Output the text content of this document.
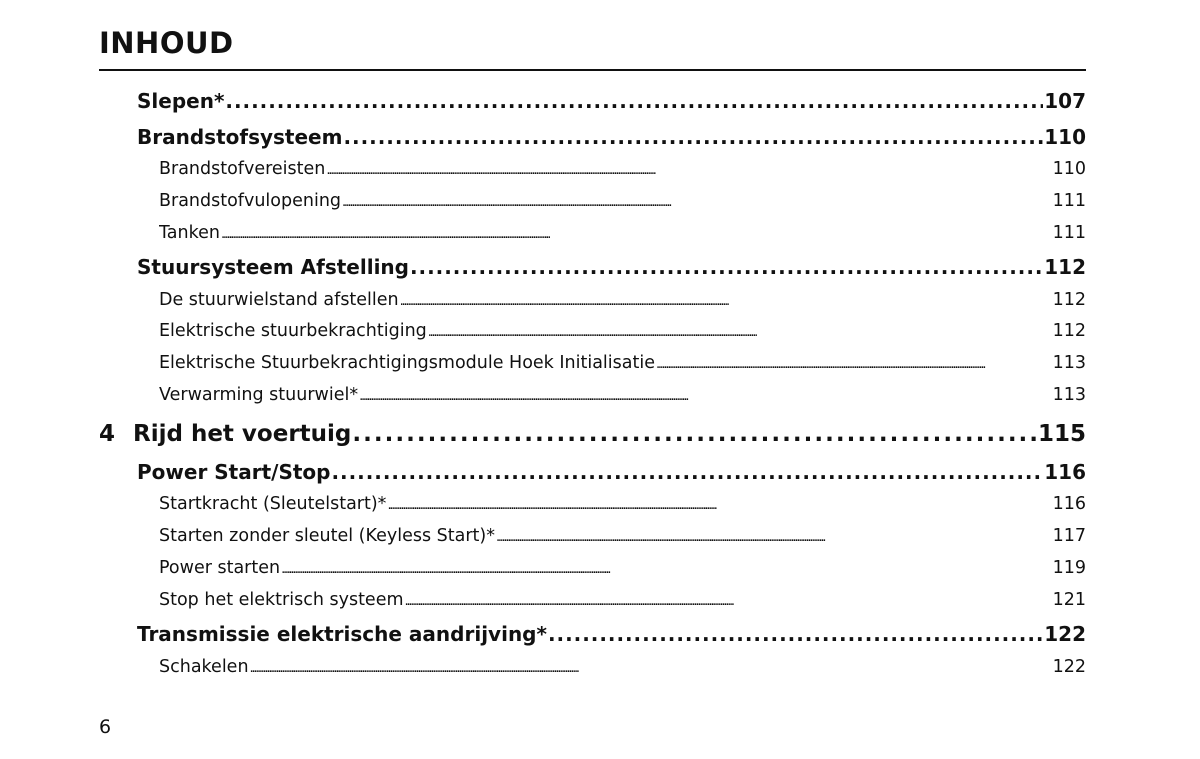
INHOUD
Slepen* . . .	107
Brandstofsysteem . . .	110
Brandstofvereisten . . .	110
Brandstofvulopening . . .	111
Tanken . . .	111
Stuursysteem Afstelling . . .	112
De stuurwielstand afstellen . . .	112
Elektrische stuurbekrachtiging . . .	112
Elektrische Stuurbekrachtigingsmodule Hoek Initialisatie . . .	113
Verwarming stuurwiel* . . .	113
4 Rijd het voertuig . . .	115
Power Start/Stop . . .	116
Startkracht (Sleutelstart)* . . .	116
Starten zonder sleutel (Keyless Start)* . . .	117
Power starten . . .	119
Stop het elektrisch systeem . . .	121
Transmissie elektrische aandrijving* . . .	122
Schakelen . . .	122
6
